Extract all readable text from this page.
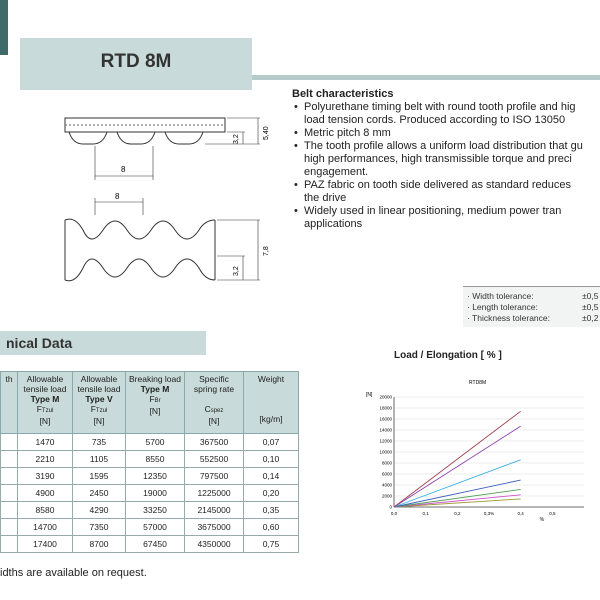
RTD 8M
8
3,2	5,40
8
3,2
7,8
Belt characteristics
• Polyurethane timing belt with round tooth profile and hig
load tension cords. Produced according to ISO 13050
• Metric pitch 8 mm
• The tooth profile allows a uniform load distribution that gu
high performances, high transmissible torque and preci
engagement.
• PAZ fabric on tooth side delivered as standard reduces
the drive
• Widely used in linear positioning, medium power tran
applications
· Width tolerance:	±0,5
· Length tolerance:	±0,5
· Thickness tolerance:	±0,2
nical Data
th	Allowable
tensile load
Type M
FTzul
[N]	Allowable
tensile load
Type V
FTzul
[N]	Breaking load
Type M
FBr
[N]	Specific
spring rate

Cspez
[N]	Weight

[kg/m]
	1470	735	5700	367500	0,07
	2210	1105	8550	552500	0,10
	3190	1595	12350	797500	0,14
	4900	2450	19000	1225000	0,20
	8580	4290	33250	2145000	0,35
	14700	7350	57000	3675000	0,60
	17400	8700	67450	4350000	0,75
idths are available on request.
Load / Elongation [ % ]
RTD8M
[N]
0
2000
4000
6000
8000
10000
12000
14000
16000
18000
20000
0,0	0,1	0,2	0,3%	0,4	0,5
%
